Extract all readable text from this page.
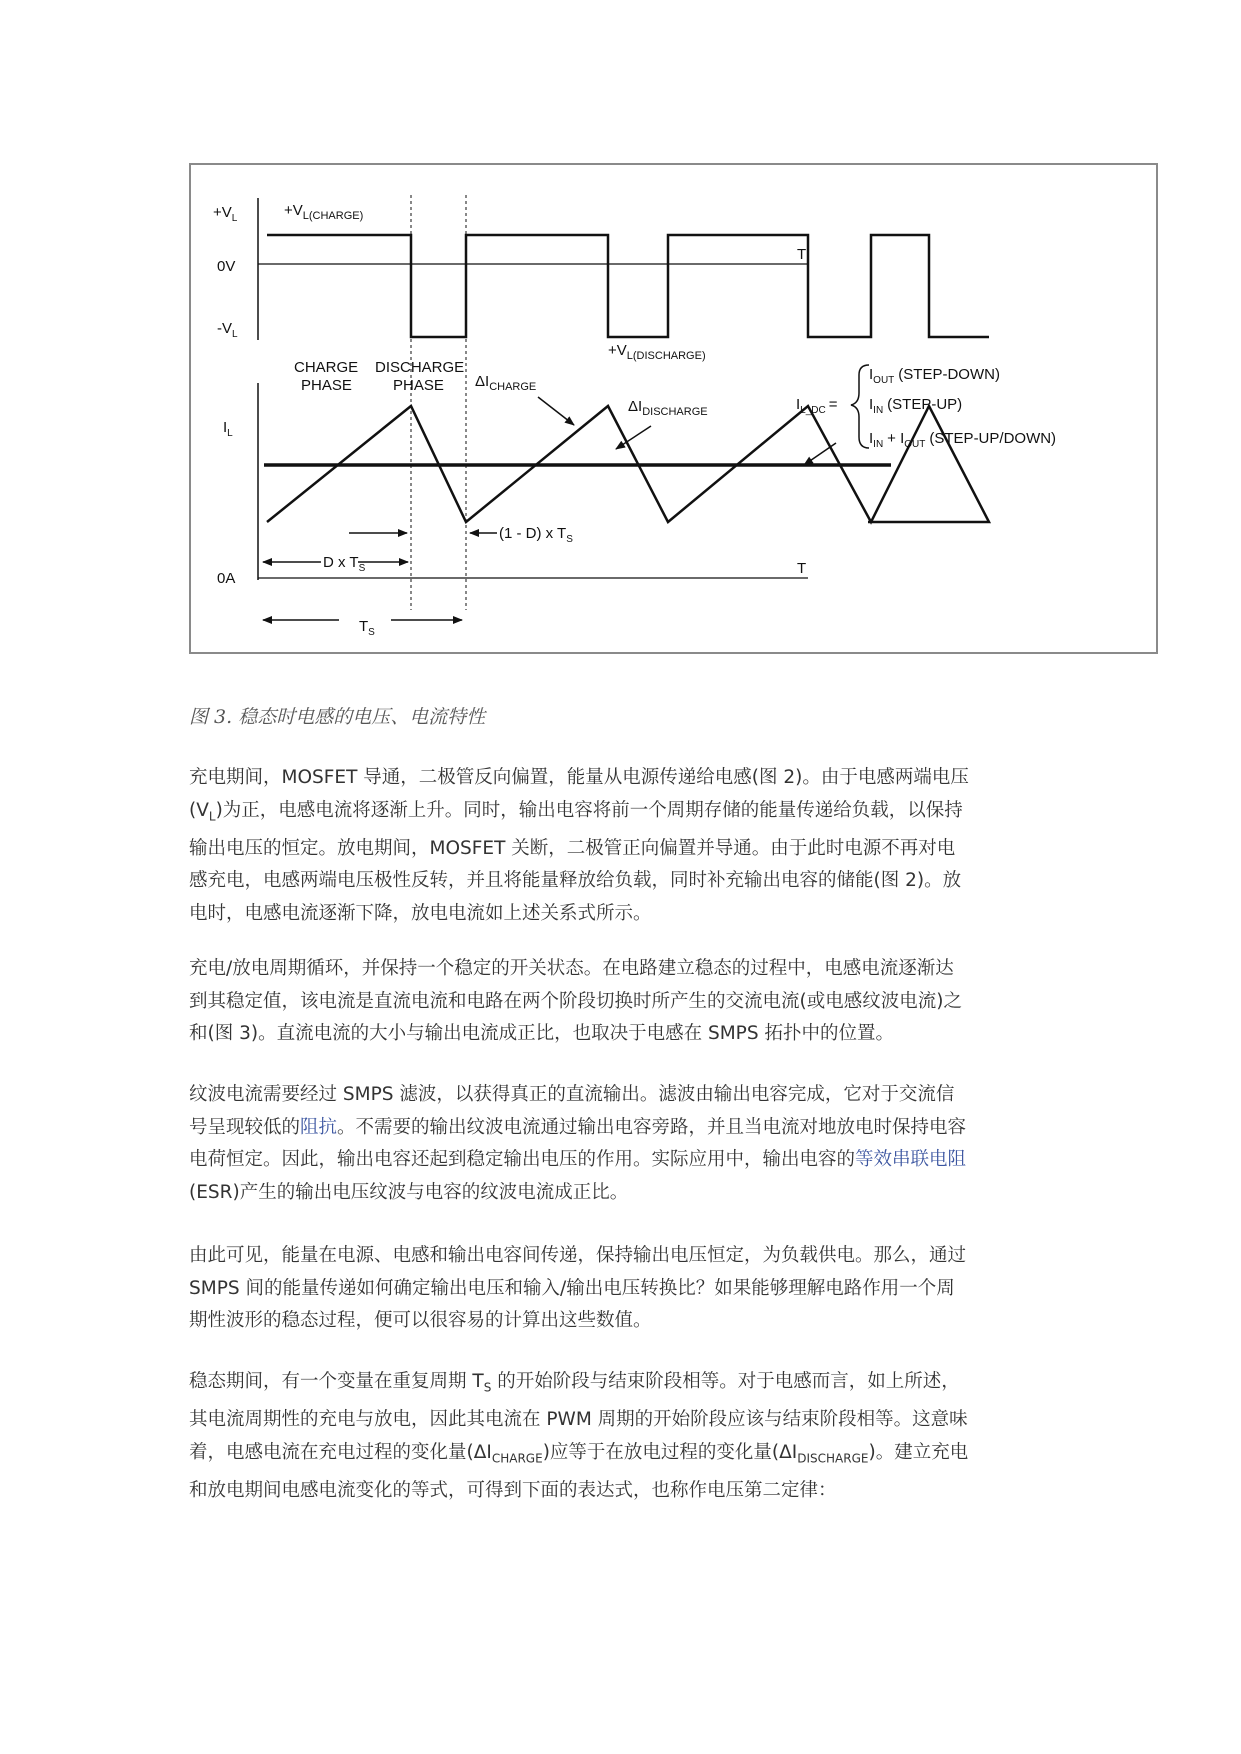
$+V_L$
0V
$-V_L$
$+V_{L(CHARGE)}$
$+V_{L(DISCHARGE)}$
T
CHARGE
PHASE
DISCHARGE
PHASE $\Delta I_{CHARGE}$
$\Delta I_{DISCHARGE}$
$I_L$
$I_{L\_DC}$ =
$I_{OUT}$ (STEP-DOWN)
$I_{IN}$ (STEP-UP)
$I_{IN} + I_{OUT}$ (STEP-UP/DOWN)
(1 - D) x $T_S$
D x $T_S$
0A
T
$T_S$
图 3. 稳态时电感的电压、电流特性
充电期间，MOSFET 导通，二极管反向偏置，能量从电源传递给电感(图 2)。由于电感两端电压
$(V_L)$为正，电感电流将逐渐上升。同时，输出电容将前一个周期存储的能量传递给负载，以保持
输出电压的恒定。放电期间，MOSFET 关断，二极管正向偏置并导通。由于此时电源不再对电
感充电，电感两端电压极性反转，并且将能量释放给负载，同时补充输出电容的储能(图 2)。放
电时，电感电流逐渐下降，放电电流如上述关系式所示。
充电/放电周期循环，并保持一个稳定的开关状态。在电路建立稳态的过程中，电感电流逐渐达
到其稳定值，该电流是直流电流和电路在两个阶段切换时所产生的交流电流(或电感纹波电流)之
和(图 3)。直流电流的大小与输出电流成正比，也取决于电感在 SMPS 拓扑中的位置。
纹波电流需要经过 SMPS 滤波，以获得真正的直流输出。滤波由输出电容完成，它对于交流信
号呈现较低的阻抗。不需要的输出纹波电流通过输出电容旁路，并且当电流对地放电时保持电容
电荷恒定。因此，输出电容还起到稳定输出电压的作用。实际应用中，输出电容的等效串联电阻
(ESR)产生的输出电压纹波与电容的纹波电流成正比。
由此可见，能量在电源、电感和输出电容间传递，保持输出电压恒定，为负载供电。那么，通过
SMPS 间的能量传递如何确定输出电压和输入/输出电压转换比？如果能够理解电路作用一个周
期性波形的稳态过程，便可以很容易的计算出这些数值。
稳态期间，有一个变量在重复周期 $T_S$ 的开始阶段与结束阶段相等。对于电感而言，如上所述，
其电流周期性的充电与放电，因此其电流在 PWM 周期的开始阶段应该与结束阶段相等。这意味
着，电感电流在充电过程的变化量$(\Delta I_{CHARGE})$应等于在放电过程的变化量$(\Delta I_{DISCHARGE})$。建立充电
和放电期间电感电流变化的等式，可得到下面的表达式，也称作电压第二定律：
